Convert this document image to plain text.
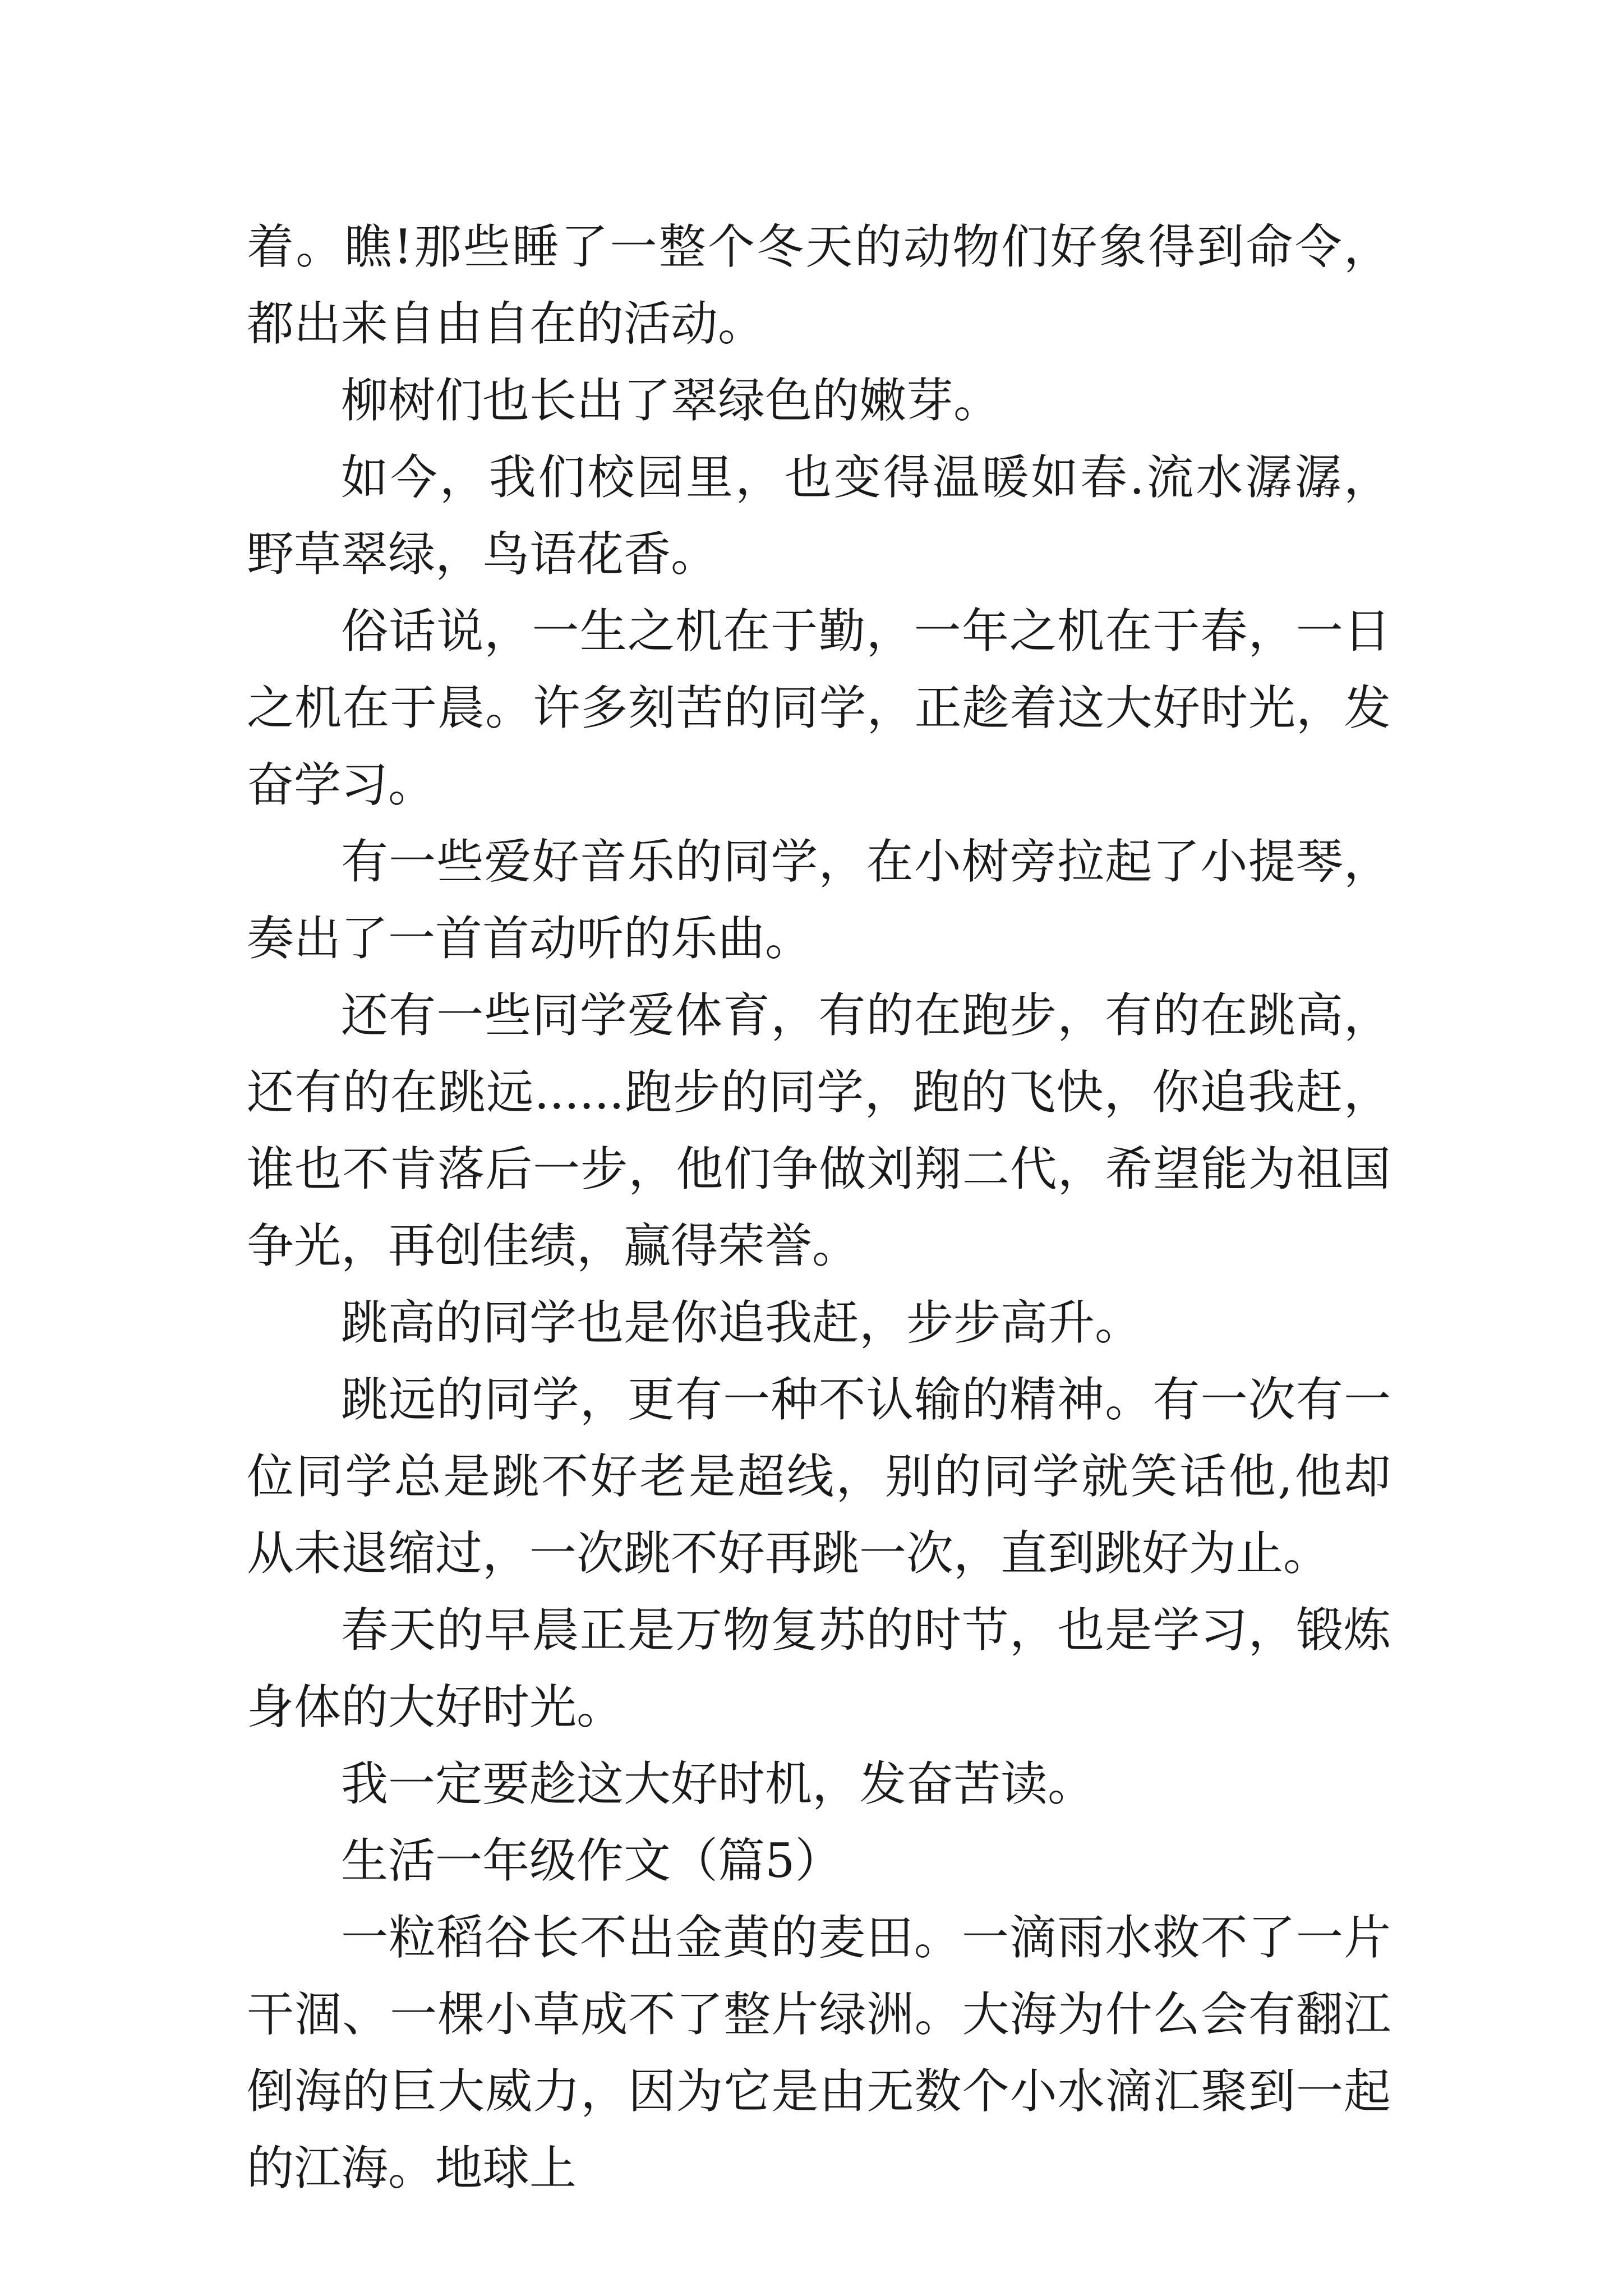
着。瞧!那些睡了一整个冬天的动物们好象得到命令，都出来自由自在的活动。

柳树们也长出了翠绿色的嫩芽。

如今，我们校园里，也变得温暖如春.流水潺潺，野草翠绿，鸟语花香。

俗话说，一生之机在于勤，一年之机在于春，一日之机在于晨。许多刻苦的同学，正趁着这大好时光，发奋学习。

有一些爱好音乐的同学，在小树旁拉起了小提琴，奏出了一首首动听的乐曲。

还有一些同学爱体育，有的在跑步，有的在跳高，还有的在跳远......跑步的同学，跑的飞快，你追我赶，谁也不肯落后一步，他们争做刘翔二代，希望能为祖国争光，再创佳绩，赢得荣誉。

跳高的同学也是你追我赶，步步高升。

跳远的同学，更有一种不认输的精神。有一次有一位同学总是跳不好老是超线，别的同学就笑话他,他却从未退缩过，一次跳不好再跳一次，直到跳好为止。

春天的早晨正是万物复苏的时节，也是学习，锻炼身体的大好时光。

我一定要趁这大好时机，发奋苦读。

生活一年级作文（篇5）

一粒稻谷长不出金黄的麦田。一滴雨水救不了一片干涸、一棵小草成不了整片绿洲。大海为什么会有翻江倒海的巨大威力，因为它是由无数个小水滴汇聚到一起的江海。地球上
